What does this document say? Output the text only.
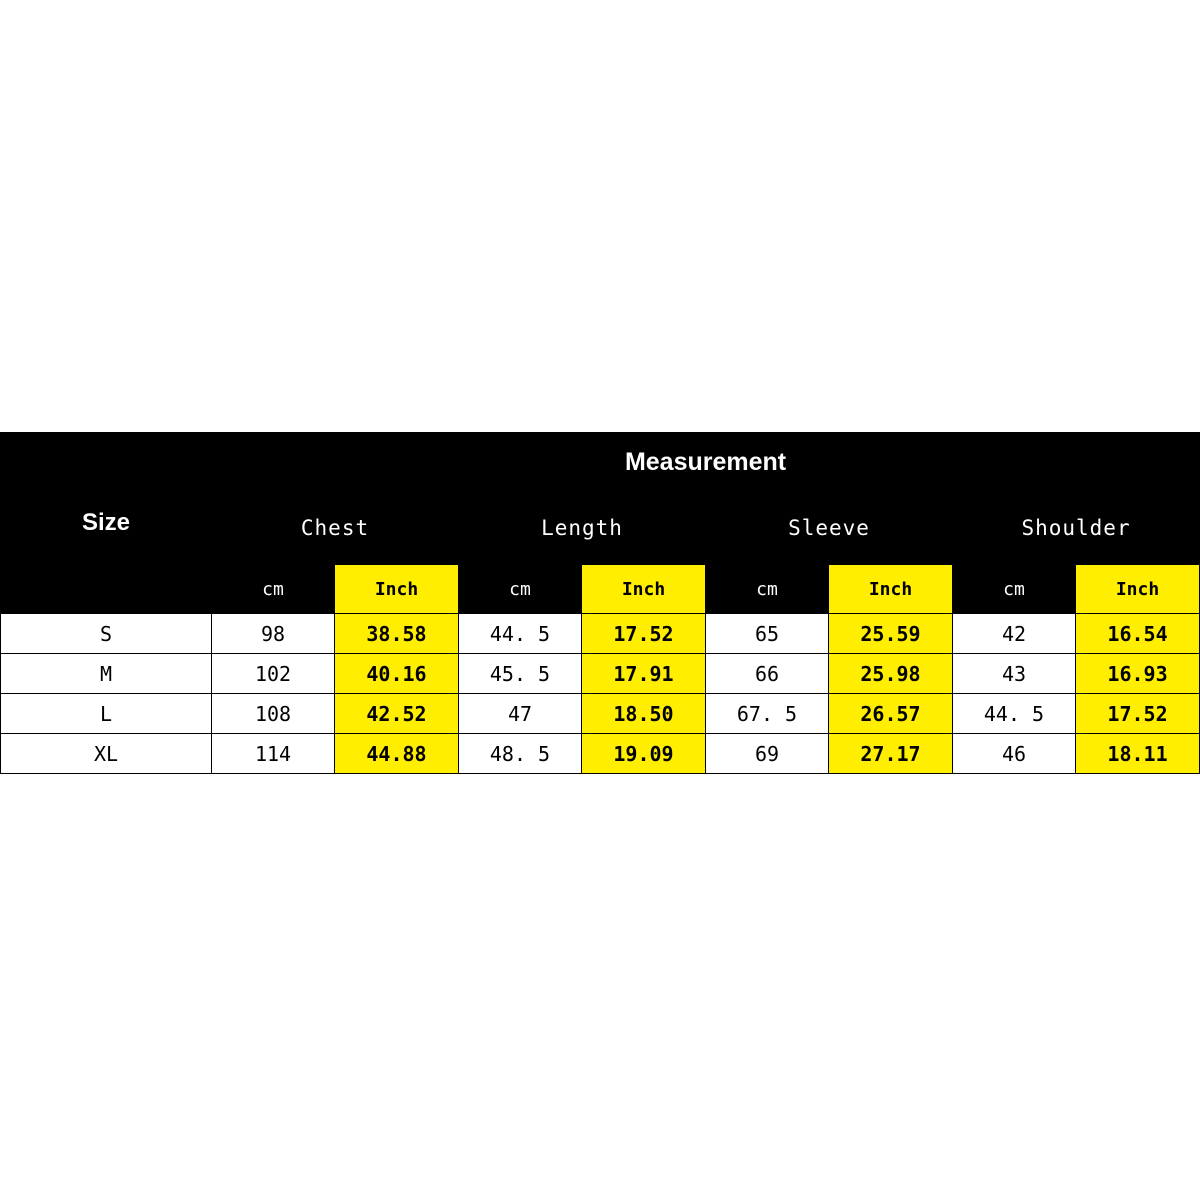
Size	Measurement							
	Chest		Length		Sleeve		Shoulder	
	cm	Inch	cm	Inch	cm	Inch	cm	Inch
S	98	38.58	44. 5	17.52	65	25.59	42	16.54
M	102	40.16	45. 5	17.91	66	25.98	43	16.93
L	108	42.52	47	18.50	67. 5	26.57	44. 5	17.52
XL	114	44.88	48. 5	19.09	69	27.17	46	18.11
